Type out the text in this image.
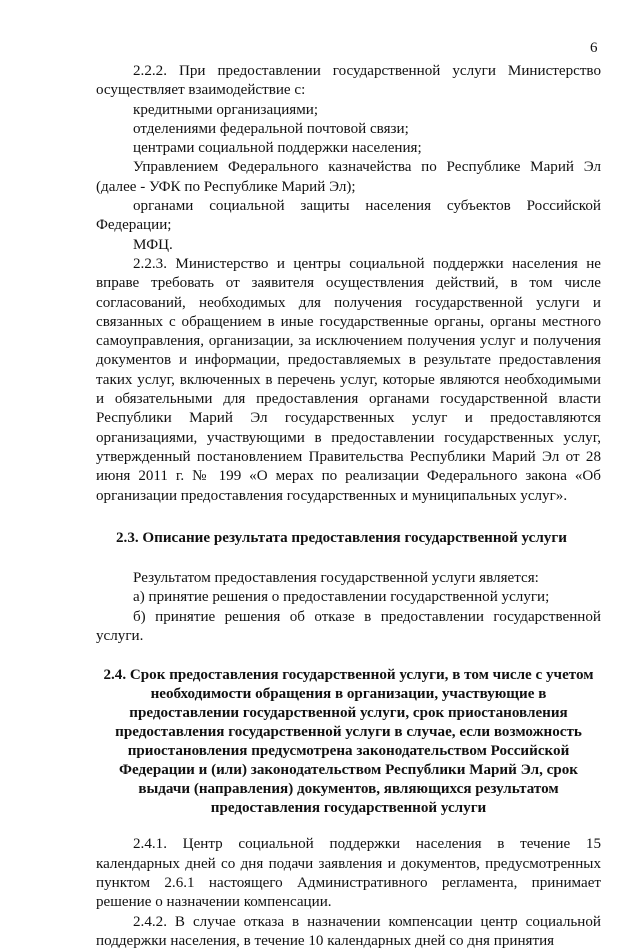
6

2.2.2. При предоставлении государственной услуги Министерство осуществляет взаимодействие с:

кредитными организациями;

отделениями федеральной почтовой связи;

центрами социальной поддержки населения;

Управлением Федерального казначейства по Республике Марий Эл (далее - УФК по Республике Марий Эл);

органами социальной защиты населения субъектов Российской Федерации;

МФЦ.

2.2.3. Министерство и центры социальной поддержки населения не вправе требовать от заявителя осуществления действий, в том числе согласований, необходимых для получения государственной услуги и связанных с обращением в иные государственные органы, органы местного самоуправления, организации, за исключением получения услуг и получения документов и информации, предоставляемых в результате предоставления таких услуг, включенных в перечень услуг, которые являются необходимыми и обязательными для предоставления органами государственной власти Республики Марий Эл государственных услуг и предоставляются организациями, участвующими в предоставлении государственных услуг, утвержденный постановлением Правительства Республики Марий Эл от 28 июня 2011 г. № 199 «О мерах по реализации Федерального закона «Об организации предоставления государственных и муниципальных услуг».

2.3. Описание результата предоставления государственной услуги

Результатом предоставления государственной услуги является:

а) принятие решения о предоставлении государственной услуги;

б) принятие решения об отказе в предоставлении государственной услуги.

2.4. Срок предоставления государственной услуги, в том числе с учетом необходимости обращения в организации, участвующие в предоставлении государственной услуги, срок приостановления предоставления государственной услуги в случае, если возможность приостановления предусмотрена законодательством Российской Федерации и (или) законодательством Республики Марий Эл, срок выдачи (направления) документов, являющихся результатом предоставления государственной услуги

2.4.1. Центр социальной поддержки населения в течение 15 календарных дней со дня подачи заявления и документов, предусмотренных пунктом 2.6.1 настоящего Административного регламента, принимает решение о назначении компенсации.

2.4.2. В случае отказа в назначении компенсации центр социальной поддержки населения, в течение 10 календарных дней со дня принятия
